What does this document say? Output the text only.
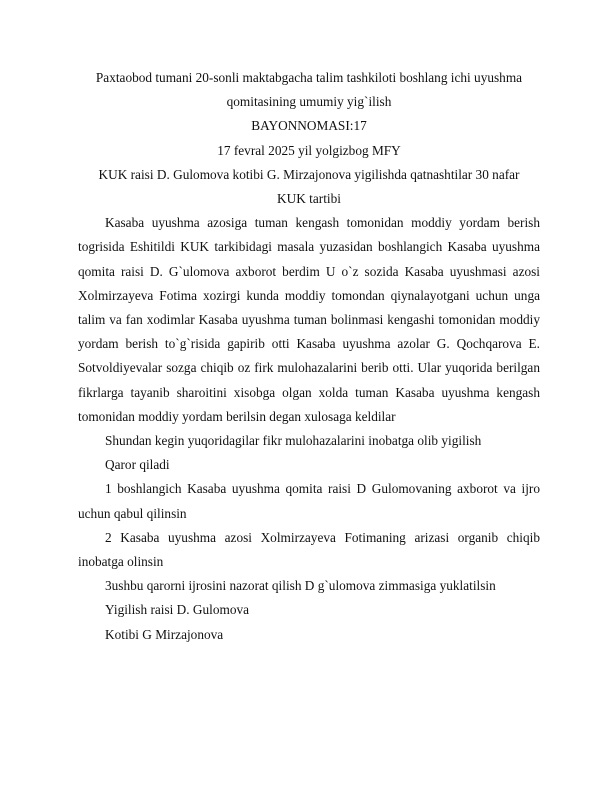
Paxtaobod tumani 20-sonli maktabgacha talim tashkiloti boshlang ichi uyushma

qomitasining umumiy yig`ilish

BAYONNOMASI:17

17 fevral 2025 yil yolgizbog MFY

KUK raisi D. Gulomova kotibi G. Mirzajonova yigilishda qatnashtilar 30 nafar

KUK tartibi

Kasaba uyushma azosiga tuman kengash tomonidan moddiy yordam berish togrisida Eshitildi KUK tarkibidagi masala yuzasidan boshlangich Kasaba uyushma qomita raisi D. G`ulomova axborot berdim U o`z sozida Kasaba uyushmasi azosi Xolmirzayeva Fotima xozirgi kunda moddiy tomondan qiynalayotgani uchun unga talim va fan xodimlar Kasaba uyushma tuman bolinmasi kengashi tomonidan moddiy yordam berish to`g`risida gapirib otti Kasaba uyushma azolar G. Qochqarova E. Sotvoldiyevalar sozga chiqib oz firk mulohazalarini berib otti. Ular yuqorida berilgan fikrlarga tayanib sharoitini xisobga olgan xolda tuman Kasaba uyushma kengash tomonidan moddiy yordam berilsin degan xulosaga keldilar

Shundan kegin yuqoridagilar fikr mulohazalarini inobatga olib yigilish

Qaror qiladi

1 boshlangich Kasaba uyushma qomita raisi D Gulomovaning axborot va ijro uchun qabul qilinsin

2 Kasaba uyushma azosi Xolmirzayeva Fotimaning arizasi organib chiqib inobatga olinsin

3ushbu qarorni ijrosini nazorat qilish D g`ulomova zimmasiga yuklatilsin

Yigilish raisi D. Gulomova

Kotibi G Mirzajonova
